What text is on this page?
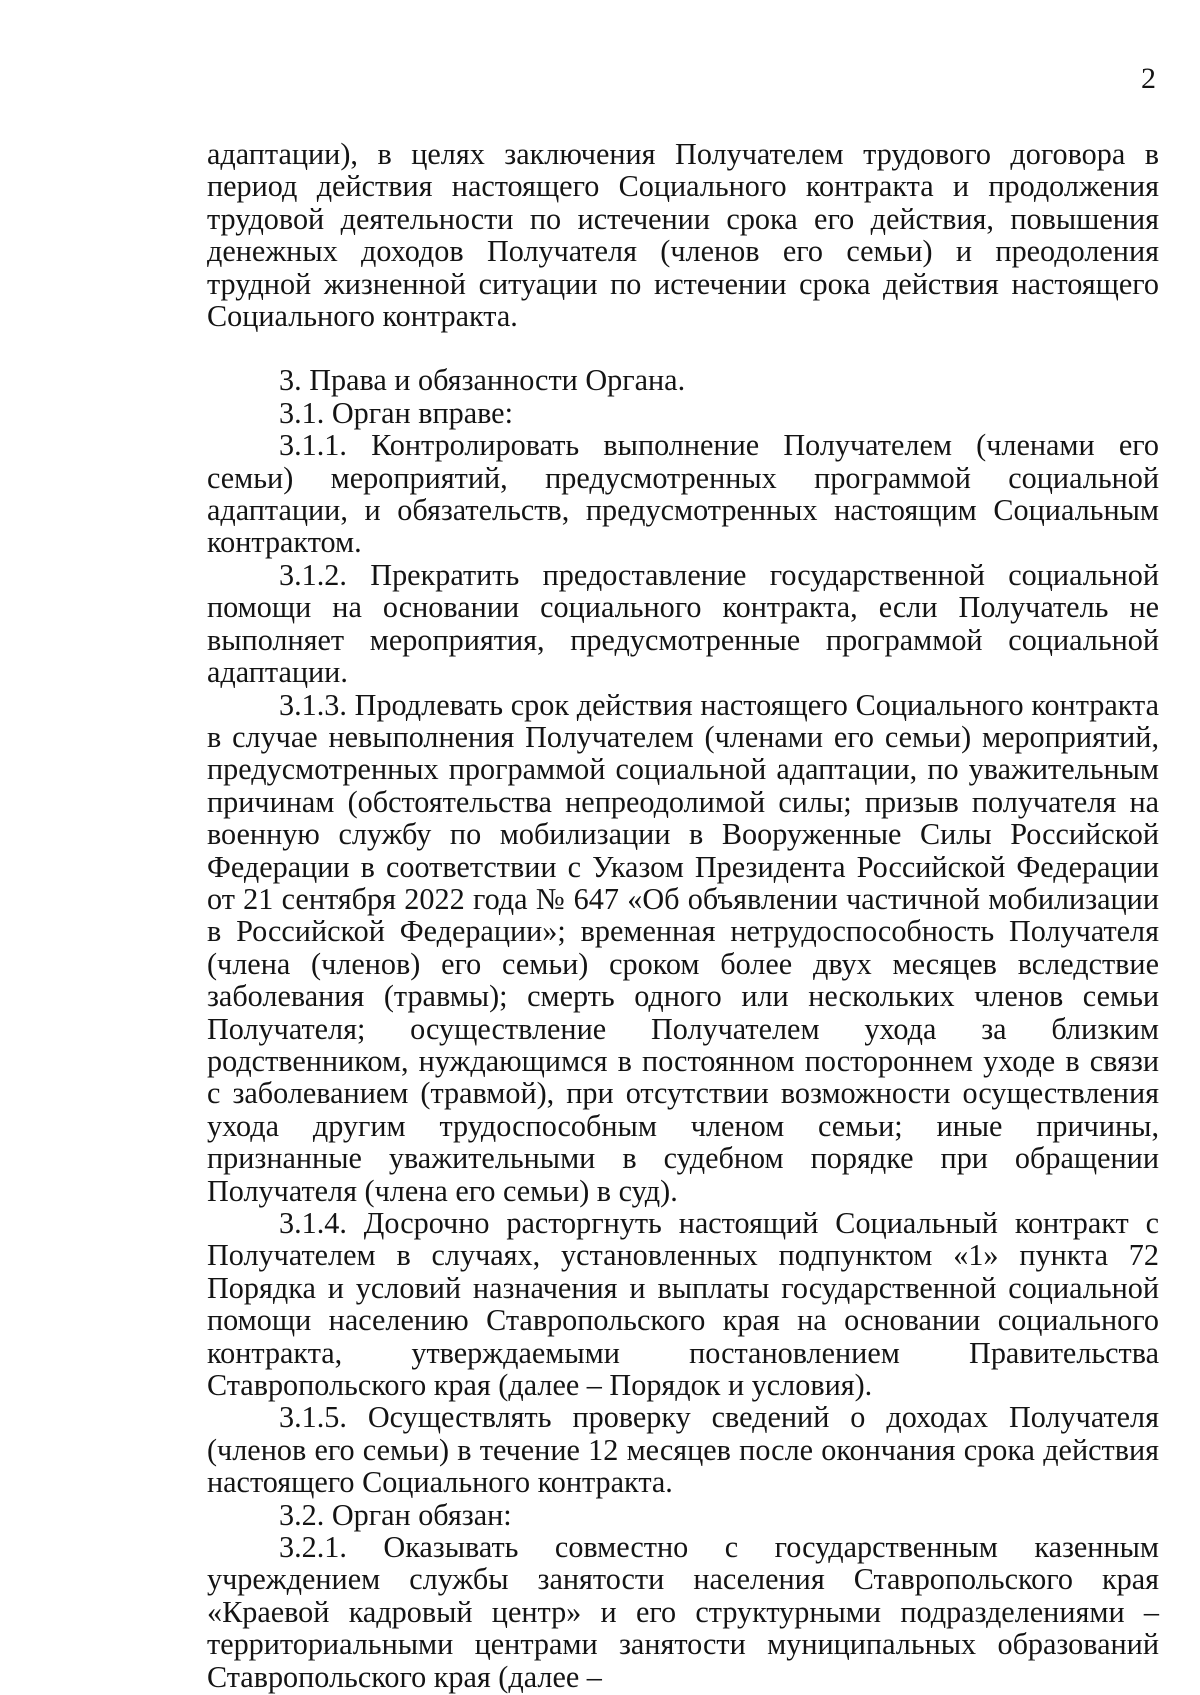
2

адаптации), в целях заключения Получателем трудового договора в период действия настоящего Социального контракта и продолжения трудовой деятельности по истечении срока его действия, повышения денежных доходов Получателя (членов его семьи) и преодоления трудной жизненной ситуации по истечении срока действия настоящего Социального контракта.

3. Права и обязанности Органа.

3.1. Орган вправе:

3.1.1. Контролировать выполнение Получателем (членами его семьи) мероприятий, предусмотренных программой социальной адаптации, и обязательств, предусмотренных настоящим Социальным контрактом.

3.1.2. Прекратить предоставление государственной социальной помощи на основании социального контракта, если Получатель не выполняет мероприятия, предусмотренные программой социальной адаптации.

3.1.3. Продлевать срок действия настоящего Социального контракта в случае невыполнения Получателем (членами его семьи) мероприятий, предусмотренных программой социальной адаптации, по уважительным причинам (обстоятельства непреодолимой силы; призыв получателя на военную службу по мобилизации в Вооруженные Силы Российской Федерации в соответствии с Указом Президента Российской Федерации от 21 сентября 2022 года № 647 «Об объявлении частичной мобилизации в Российской Федерации»; временная нетрудоспособность Получателя (члена (членов) его семьи) сроком более двух месяцев вследствие заболевания (травмы); смерть одного или нескольких членов семьи Получателя; осуществление Получателем ухода за близким родственником, нуждающимся в постоянном постороннем уходе в связи с заболеванием (травмой), при отсутствии возможности осуществления ухода другим трудоспособным членом семьи; иные причины, признанные уважительными в судебном порядке при обращении Получателя (члена его семьи) в суд).

3.1.4. Досрочно расторгнуть настоящий Социальный контракт с Получателем в случаях, установленных подпунктом «1» пункта 72 Порядка и условий назначения и выплаты государственной социальной помощи населению Ставропольского края на основании социального контракта, утверждаемыми постановлением Правительства Ставропольского края (далее – Порядок и условия).

3.1.5. Осуществлять проверку сведений о доходах Получателя (членов его семьи) в течение 12 месяцев после окончания срока действия настоящего Социального контракта.

3.2. Орган обязан:

3.2.1. Оказывать совместно с государственным казенным учреждением службы занятости населения Ставропольского края «Краевой кадровый центр» и его структурными подразделениями – территориальными центрами занятости муниципальных образований Ставропольского края (далее –
